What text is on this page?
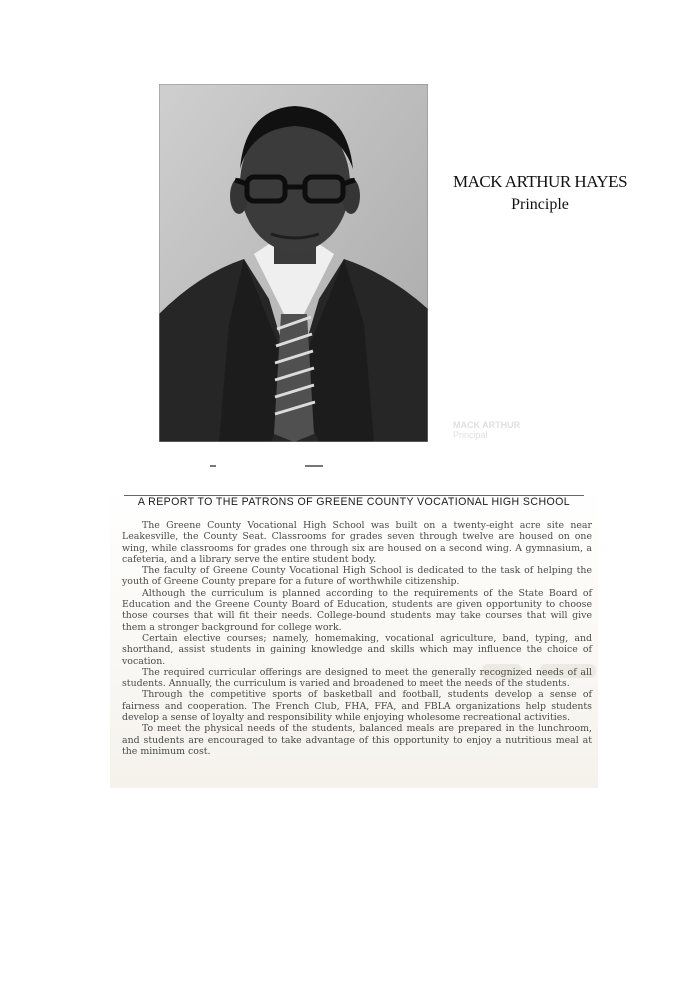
MACK ARTHUR HAYES
Principle
MACK ARTHUR
Principal
A REPORT TO THE PATRONS OF GREENE COUNTY VOCATIONAL HIGH SCHOOL

The Greene County Vocational High School was built on a twenty-eight acre site near Leakesville, the County Seat. Classrooms for grades seven through twelve are housed on one wing, while classrooms for grades one through six are housed on a second wing. A gymnasium, a cafeteria, and a library serve the entire student body.

The faculty of Greene County Vocational High School is dedicated to the task of helping the youth of Greene County prepare for a future of worthwhile citizenship.

Although the curriculum is planned according to the requirements of the State Board of Education and the Greene County Board of Education, students are given opportunity to choose those courses that will fit their needs. College-bound students may take courses that will give them a stronger background for college work.

Certain elective courses; namely, homemaking, vocational agriculture, band, typing, and shorthand, assist students in gaining knowledge and skills which may influence the choice of vocation.

The required curricular offerings are designed to meet the generally recognized needs of all students. Annually, the curriculum is varied and broadened to meet the needs of the students.

Through the competitive sports of basketball and football, students develop a sense of fairness and cooperation. The French Club, FHA, FFA, and FBLA organizations help students develop a sense of loyalty and responsibility while enjoying wholesome recreational activities.

To meet the physical needs of the students, balanced meals are prepared in the lunchroom, and students are encouraged to take advantage of this opportunity to enjoy a nutritious meal at the minimum cost.
